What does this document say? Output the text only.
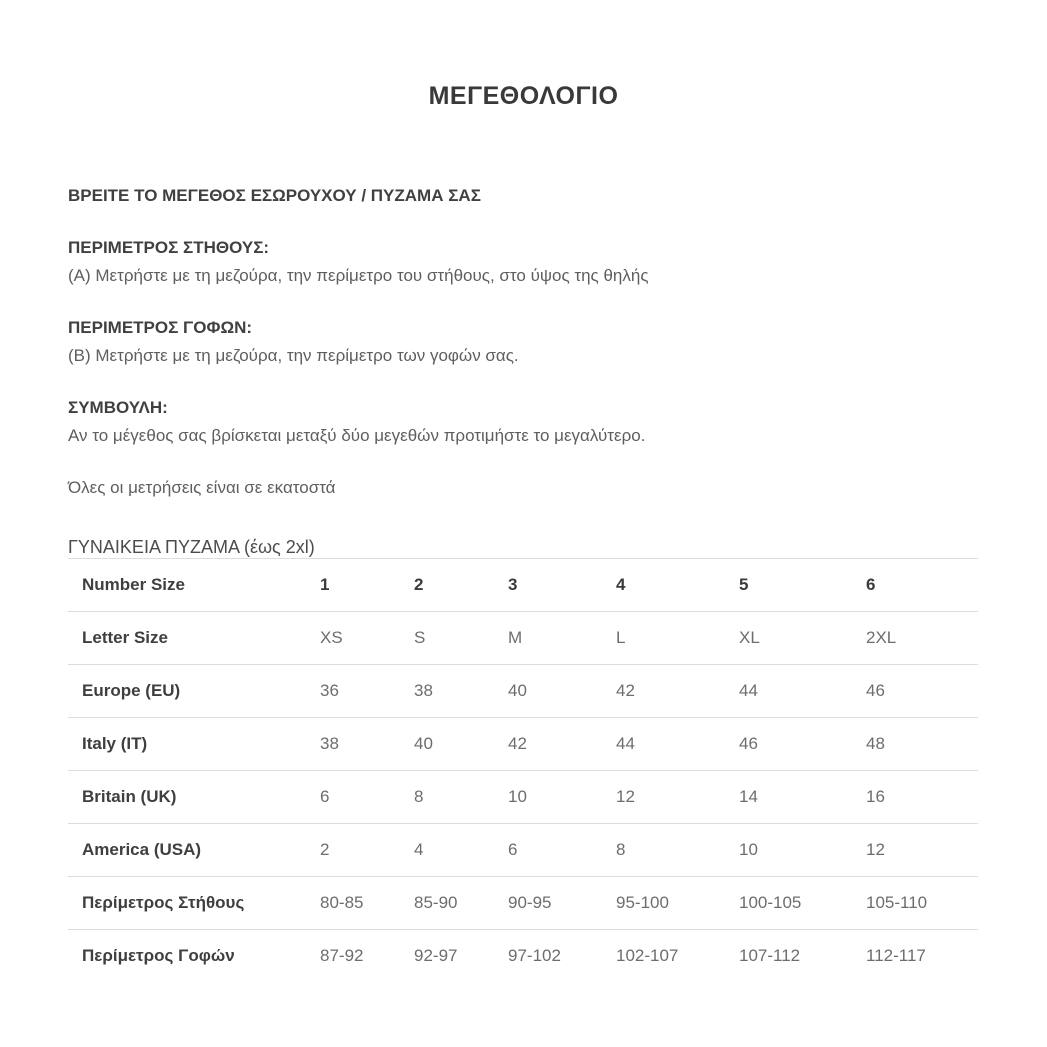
ΜΕΓΕΘΟΛΟΓΙΟ

ΒΡΕΙΤΕ ΤΟ ΜΕΓΕΘΟΣ ΕΣΩΡΟΥΧΟΥ / ΠΥΖΑΜΑ ΣΑΣ

ΠΕΡΙΜΕΤΡΟΣ ΣΤΗΘΟΥΣ:

(Α) Μετρήστε με τη μεζούρα, την περίμετρο του στήθους, στο ύψος της θηλής

ΠΕΡΙΜΕΤΡΟΣ ΓΟΦΩΝ:

(Β) Μετρήστε με τη μεζούρα, την περίμετρο των γοφών σας.

ΣΥΜΒΟΥΛΗ:

Αν το μέγεθος σας βρίσκεται μεταξύ δύο μεγεθών προτιμήστε το μεγαλύτερο.

Όλες οι μετρήσεις είναι σε εκατοστά

ΓΥΝΑΙΚΕΙΑ ΠΥΖΑΜΑ (έως 2xl)

Number Size	1	2	3	4	5	6
Letter Size	XS	S	M	L	XL	2XL
Europe (EU)	36	38	40	42	44	46
Italy (IT)	38	40	42	44	46	48
Britain (UK)	6	8	10	12	14	16
America (USA)	2	4	6	8	10	12
Περίμετρος Στήθους	80-85	85-90	90-95	95-100	100-105	105-110
Περίμετρος Γοφών	87-92	92-97	97-102	102-107	107-112	112-117
